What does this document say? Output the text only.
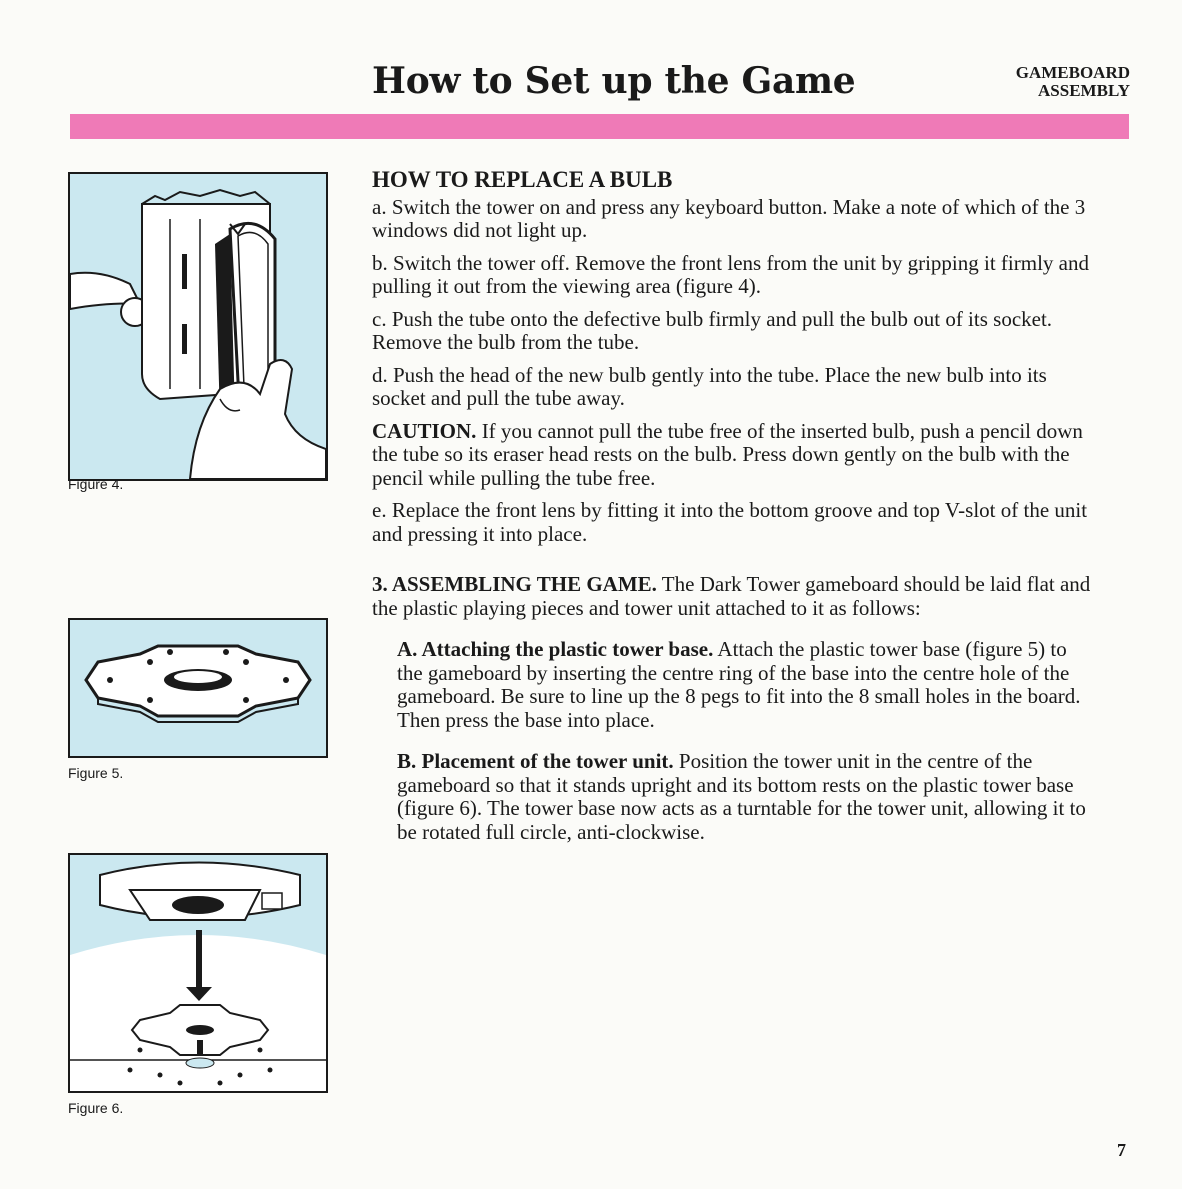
How to Set up the Game	GAMEBOARD
ASSEMBLY
Figure 4.
Figure 5.
Figure 6.

HOW TO REPLACE A BULB

a. Switch the tower on and press any keyboard button. Make a note of which of the 3 windows did not light up.

b. Switch the tower off. Remove the front lens from the unit by gripping it firmly and pulling it out from the viewing area (figure 4).

c. Push the tube onto the defective bulb firmly and pull the bulb out of its socket. Remove the bulb from the tube.

d. Push the head of the new bulb gently into the tube. Place the new bulb into its socket and pull the tube away.

CAUTION. If you cannot pull the tube free of the inserted bulb, push a pencil down the tube so its eraser head rests on the bulb. Press down gently on the bulb with the pencil while pulling the tube free.

e. Replace the front lens by fitting it into the bottom groove and top V-slot of the unit and pressing it into place.

3. ASSEMBLING THE GAME. The Dark Tower gameboard should be laid flat and the plastic playing pieces and tower unit attached to it as follows:

A. Attaching the plastic tower base. Attach the plastic tower base (figure 5) to the gameboard by inserting the centre ring of the base into the centre hole of the gameboard. Be sure to line up the 8 pegs to fit into the 8 small holes in the board. Then press the base into place.

B. Placement of the tower unit. Position the tower unit in the centre of the gameboard so that it stands upright and its bottom rests on the plastic tower base (figure 6). The tower base now acts as a turntable for the tower unit, allowing it to be rotated full circle, anti-clockwise.

7
